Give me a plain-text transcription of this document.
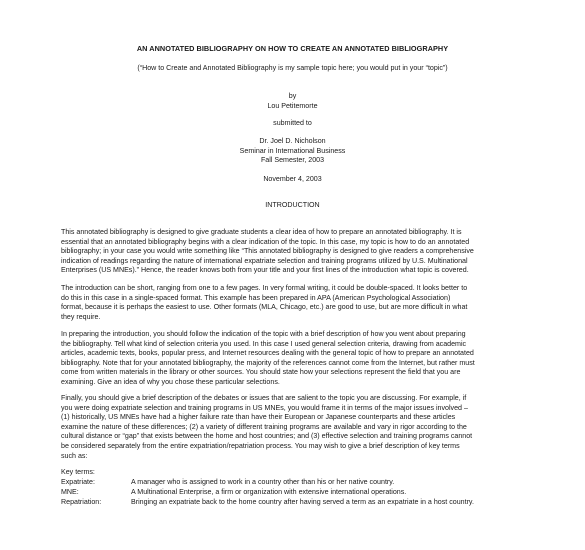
AN ANNOTATED BIBLIOGRAPHY ON HOW TO CREATE AN ANNOTATED BIBLIOGRAPHY
(“How to Create and Annotated Bibliography is my sample topic here; you would put in your “topic”)
by
Lou Petitemorte
submitted to
Dr. Joel D. Nicholson
Seminar in International Business
Fall Semester, 2003
November 4, 2003
INTRODUCTION
This annotated bibliography is designed to give graduate students a clear idea of how to prepare an annotated bibliography. It is
essential that an annotated bibliography begins with a clear indication of the topic. In this case, my topic is how to do an annotated
bibliography; in your case you would write something like “This annotated bibliography is designed to give readers a comprehensive
indication of readings regarding the nature of international expatriate selection and training programs utilized by U.S. Multinational
Enterprises (US MNEs).” Hence, the reader knows both from your title and your first lines of the introduction what topic is covered.
The introduction can be short, ranging from one to a few pages. In very formal writing, it could be double-spaced. It looks better to
do this in this case in a single-spaced format. This example has been prepared in APA (American Psychological Association)
format, because it is perhaps the easiest to use. Other formats (MLA, Chicago, etc.) are good to use, but are more difficult in what
they require.
In preparing the introduction, you should follow the indication of the topic with a brief description of how you went about preparing
the bibliography. Tell what kind of selection criteria you used. In this case I used general selection criteria, drawing from academic
articles, academic texts, books, popular press, and Internet resources dealing with the general topic of how to prepare an annotated
bibliography. Note that for your annotated bibliography, the majority of the references cannot come from the Internet, but rather must
come from written materials in the library or other sources. You should state how your selections represent the field that you are
examining. Give an idea of why you chose these particular selections.
Finally, you should give a brief description of the debates or issues that are salient to the topic you are discussing. For example, if
you were doing expatriate selection and training programs in US MNEs, you would frame it in terms of the major issues involved –
(1) historically, US MNEs have had a higher failure rate than have their European or Japanese counterparts and these articles
examine the nature of these differences; (2) a variety of different training programs are available and vary in rigor according to the
cultural distance or “gap” that exists between the home and host countries; and (3) effective selection and training programs cannot
be considered separately from the entire expatriation/repatriation process. You may wish to give a brief description of key terms
such as:
Key terms:
Expatriate:	A manager who is assigned to work in a country other than his or her native country.
MNE:	A Multinational Enterprise, a firm or organization with extensive international operations.
Repatriation:	Bringing an expatriate back to the home country after having served a term as an expatriate in a host country.
